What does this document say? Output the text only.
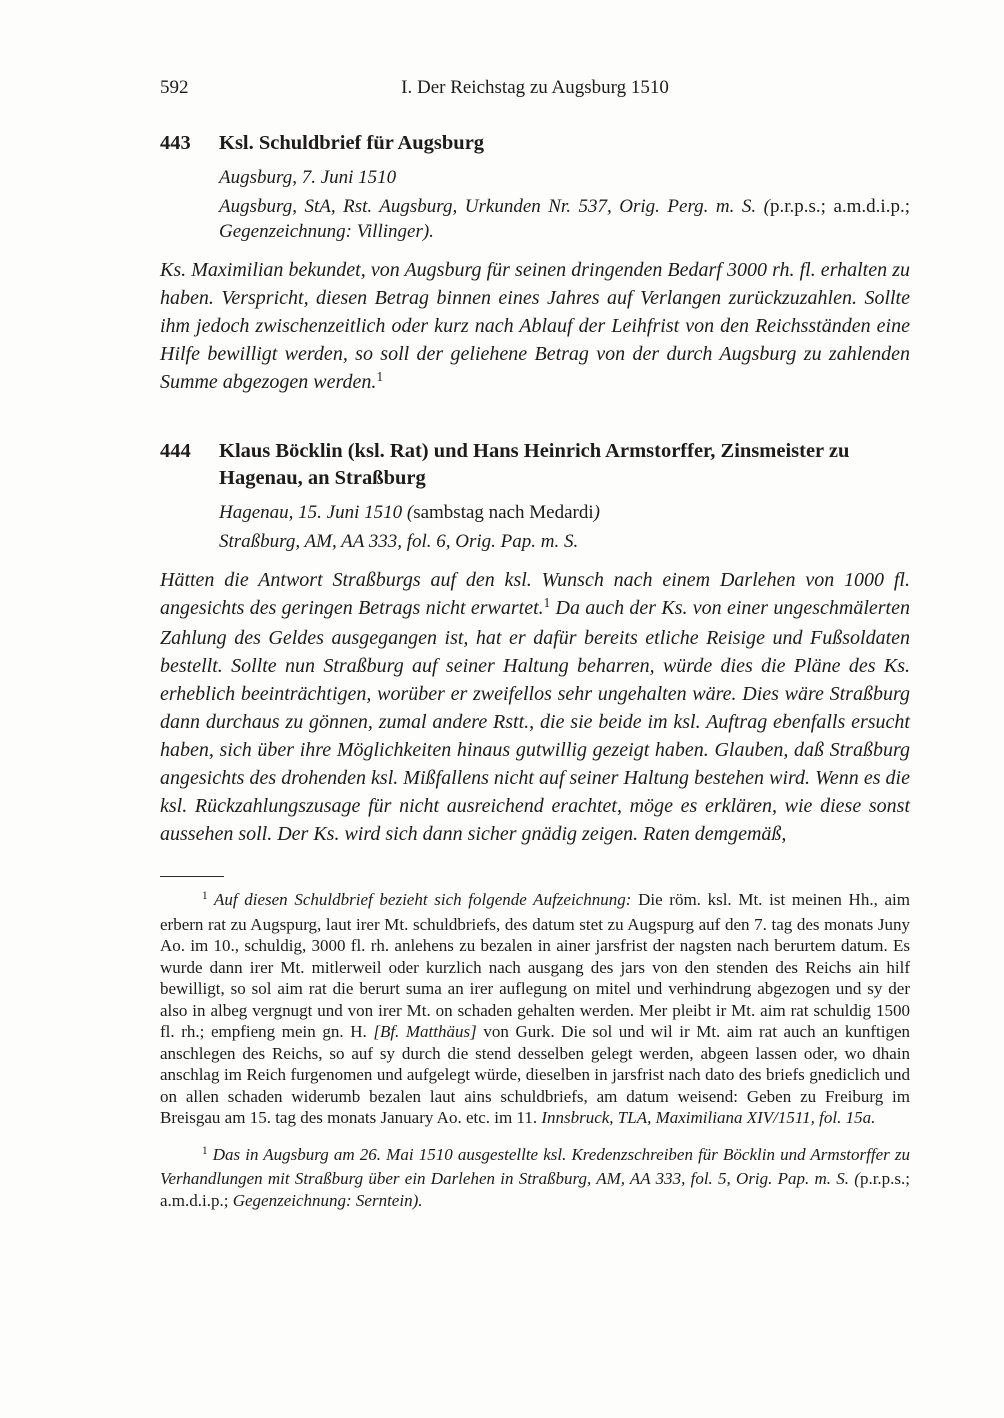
592	I. Der Reichstag zu Augsburg 1510
443	Ksl. Schuldbrief für Augsburg

Augsburg, 7. Juni 1510

Augsburg, StA, Rst. Augsburg, Urkunden Nr. 537, Orig. Perg. m. S. (p.r.p.s.; a.m.d.i.p.; Gegenzeichnung: Villinger).

Ks. Maximilian bekundet, von Augsburg für seinen dringenden Bedarf 3000 rh. fl. erhalten zu haben. Verspricht, diesen Betrag binnen eines Jahres auf Verlangen zurückzuzahlen. Sollte ihm jedoch zwischenzeitlich oder kurz nach Ablauf der Leihfrist von den Reichsständen eine Hilfe bewilligt werden, so soll der geliehene Betrag von der durch Augsburg zu zahlenden Summe abgezogen werden.$^1$

444	Klaus Böcklin (ksl. Rat) und Hans Heinrich Armstorffer, Zinsmeister zu Hagenau, an Straßburg

Hagenau, 15. Juni 1510 (sambstag nach Medardi)

Straßburg, AM, AA 333, fol. 6, Orig. Pap. m. S.

Hätten die Antwort Straßburgs auf den ksl. Wunsch nach einem Darlehen von 1000 fl. angesichts des geringen Betrags nicht erwartet.$^1$ Da auch der Ks. von einer ungeschmälerten Zahlung des Geldes ausgegangen ist, hat er dafür bereits etliche Reisige und Fußsoldaten bestellt. Sollte nun Straßburg auf seiner Haltung beharren, würde dies die Pläne des Ks. erheblich beeinträchtigen, worüber er zweifellos sehr ungehalten wäre. Dies wäre Straßburg dann durchaus zu gönnen, zumal andere Rstt., die sie beide im ksl. Auftrag ebenfalls ersucht haben, sich über ihre Möglichkeiten hinaus gutwillig gezeigt haben. Glauben, daß Straßburg angesichts des drohenden ksl. Mißfallens nicht auf seiner Haltung bestehen wird. Wenn es die ksl. Rückzahlungszusage für nicht ausreichend erachtet, möge es erklären, wie diese sonst aussehen soll. Der Ks. wird sich dann sicher gnädig zeigen. Raten demgemäß,

$^1$ Auf diesen Schuldbrief bezieht sich folgende Aufzeichnung: Die röm. ksl. Mt. ist meinen Hh., aim erbern rat zu Augspurg, laut irer Mt. schuldbriefs, des datum stet zu Augspurg auf den 7. tag des monats Juny Ao. im 10., schuldig, 3000 fl. rh. anlehens zu bezalen in ainer jarsfrist der nagsten nach berurtem datum. Es wurde dann irer Mt. mitlerweil oder kurzlich nach ausgang des jars von den stenden des Reichs ain hilf bewilligt, so sol aim rat die berurt suma an irer auflegung on mitel und verhindrung abgezogen und sy der also in albeg vergnugt und von irer Mt. on schaden gehalten werden. Mer pleibt ir Mt. aim rat schuldig 1500 fl. rh.; empfieng mein gn. H. [Bf. Matthäus] von Gurk. Die sol und wil ir Mt. aim rat auch an kunftigen anschlegen des Reichs, so auf sy durch die stend desselben gelegt werden, abgeen lassen oder, wo dhain anschlag im Reich furgenomen und aufgelegt würde, dieselben in jarsfrist nach dato des briefs gnediclich und on allen schaden widerumb bezalen laut ains schuldbriefs, am datum weisend: Geben zu Freiburg im Breisgau am 15. tag des monats January Ao. etc. im 11. Innsbruck, TLA, Maximiliana XIV/1511, fol. 15a.

$^1$ Das in Augsburg am 26. Mai 1510 ausgestellte ksl. Kredenzschreiben für Böcklin und Armstorffer zu Verhandlungen mit Straßburg über ein Darlehen in Straßburg, AM, AA 333, fol. 5, Orig. Pap. m. S. (p.r.p.s.; a.m.d.i.p.; Gegenzeichnung: Serntein).
